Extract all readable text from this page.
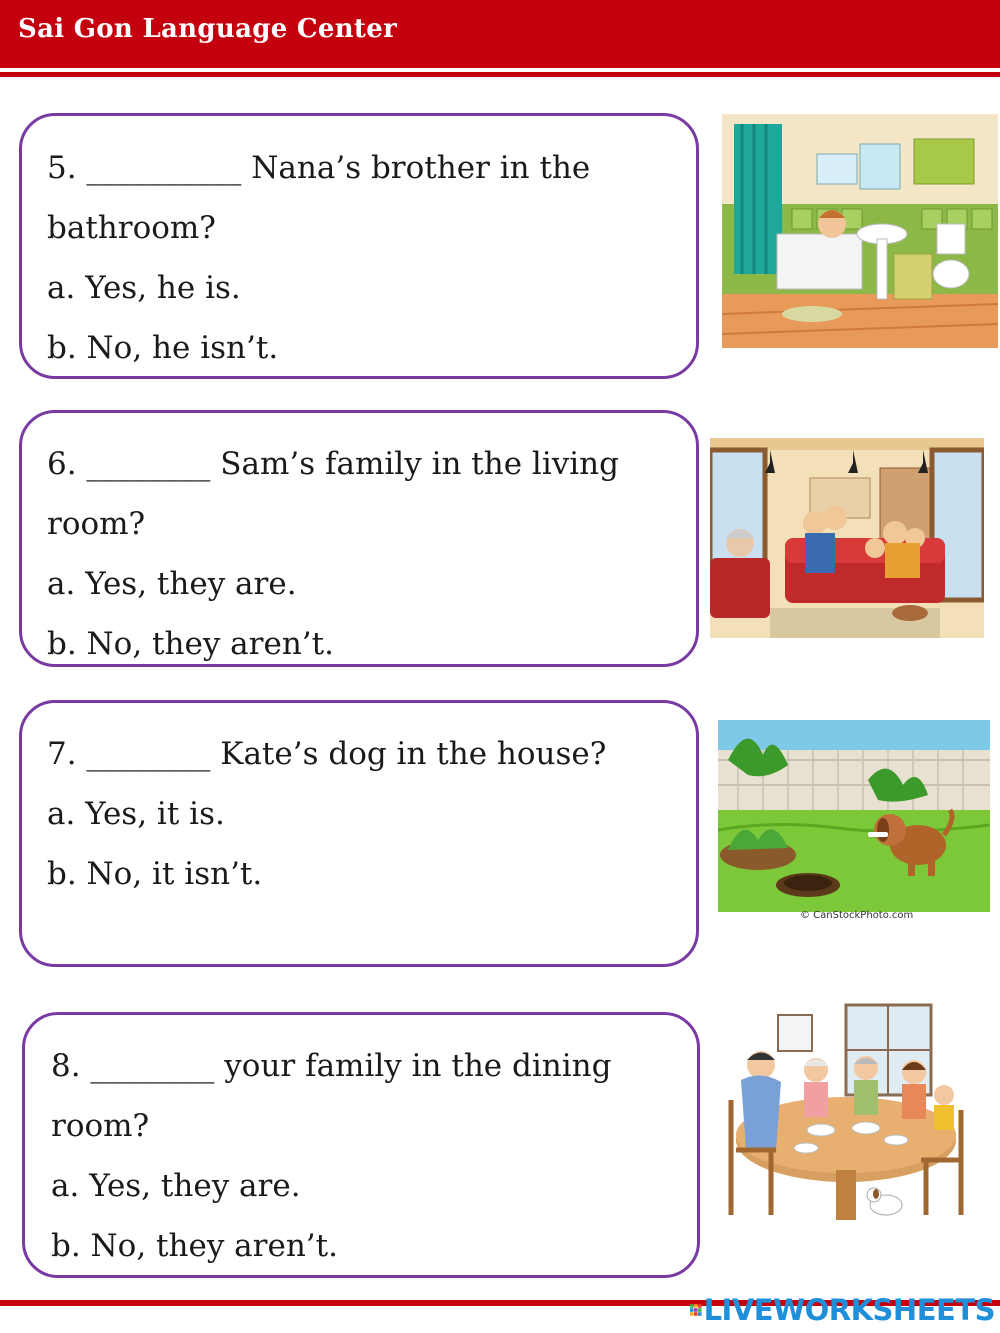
Sai Gon Language Center
5. __________ Nana’s brother in the
bathroom?
a. Yes, he is.
b. No, he isn’t.
6. ________ Sam’s family in the living
room?
a. Yes, they are.
b. No, they aren’t.
7. ________ Kate’s dog in the house?
a. Yes, it is.
b. No, it isn’t.
© CanStockPhoto.com
8. ________ your family in the dining
room?
a. Yes, they are.
b. No, they aren’t.
LIVEWORKSHEETS
